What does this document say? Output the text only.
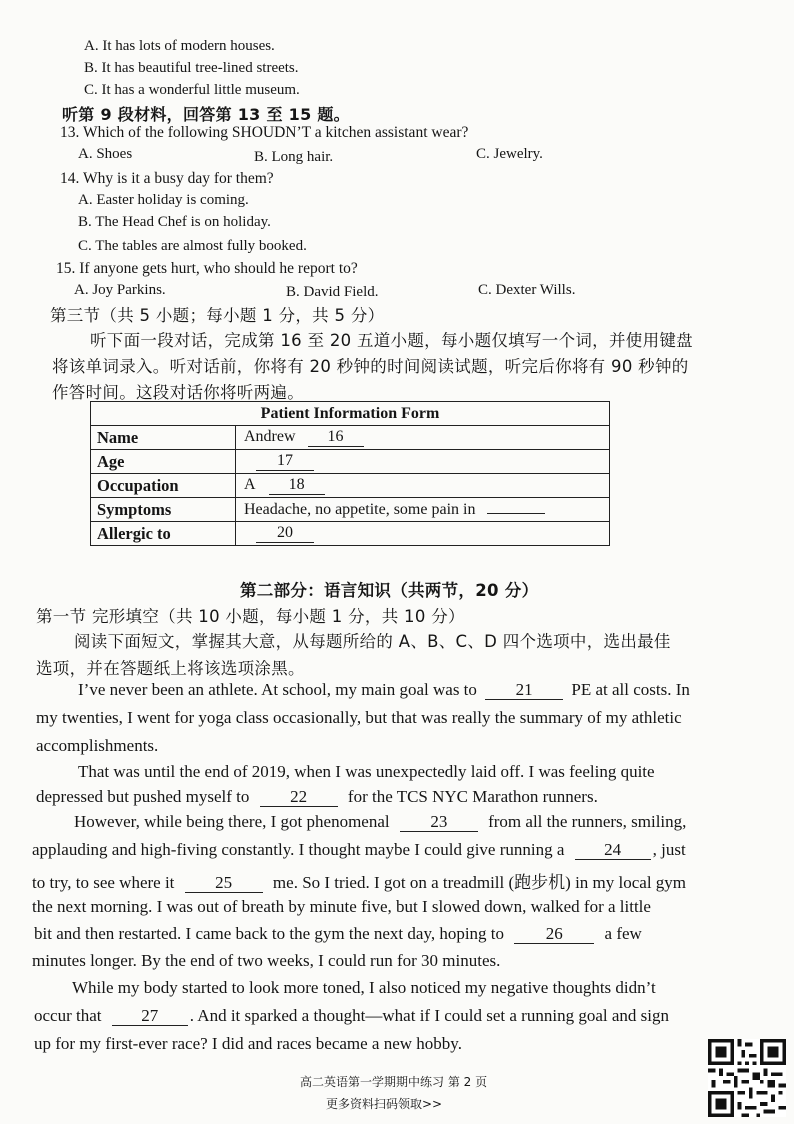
A. It has lots of modern houses.
B. It has beautiful tree-lined streets.
C. It has a wonderful little museum.
听第 9 段材料，回答第 13 至 15 题。
13. Which of the following SHOUDN’T a kitchen assistant wear?
A. Shoes	B. Long hair.	C. Jewelry.
14. Why is it a busy day for them?
A. Easter holiday is coming.
B. The Head Chef is on holiday.
C. The tables are almost fully booked.
15. If anyone gets hurt, who should he report to?
A. Joy Parkins.	B. David Field.	C. Dexter Wills.
第三节（共 5 小题；每小题 1 分，共 5 分）
听下面一段对话，完成第 16 至 20 五道小题，每小题仅填写一个词，并使用键盘
将该单词录入。听对话前，你将有 20 秒钟的时间阅读试题，听完后你将有 90 秒钟的
作答时间。这段对话你将听两遍。
Patient Information Form	
Name	Andrew 16
Age	17
Occupation	A 18
Symptoms	Headache, no appetite, some pain in
Allergic to	20
第二部分：语言知识（共两节，20 分）
第一节 完形填空（共 10 小题，每小题 1 分，共 10 分）
阅读下面短文，掌握其大意，从每题所给的 A、B、C、D 四个选项中，选出最佳
选项，并在答题纸上将该选项涂黑。
I’ve never been an athlete. At school, my main goal was to 21 PE at all costs. In
my twenties, I went for yoga class occasionally, but that was really the summary of my athletic
accomplishments.
That was until the end of 2019, when I was unexpectedly laid off. I was feeling quite
depressed but pushed myself to 22 for the TCS NYC Marathon runners.
However, while being there, I got phenomenal 23 from all the runners, smiling,
applauding and high-fiving constantly. I thought maybe I could give running a 24 , just
to try, to see where it 25 me. So I tried. I got on a treadmill (跑步机) in my local gym
the next morning. I was out of breath by minute five, but I slowed down, walked for a little
bit and then restarted. I came back to the gym the next day, hoping to 26 a few
minutes longer. By the end of two weeks, I could run for 30 minutes.
While my body started to look more toned, I also noticed my negative thoughts didn’t
occur that 27 . And it sparked a thought—what if I could set a running goal and sign
up for my first-ever race? I did and races became a new hobby.
高二英语第一学期期中练习 第 2 页
更多资料扫码领取>>
